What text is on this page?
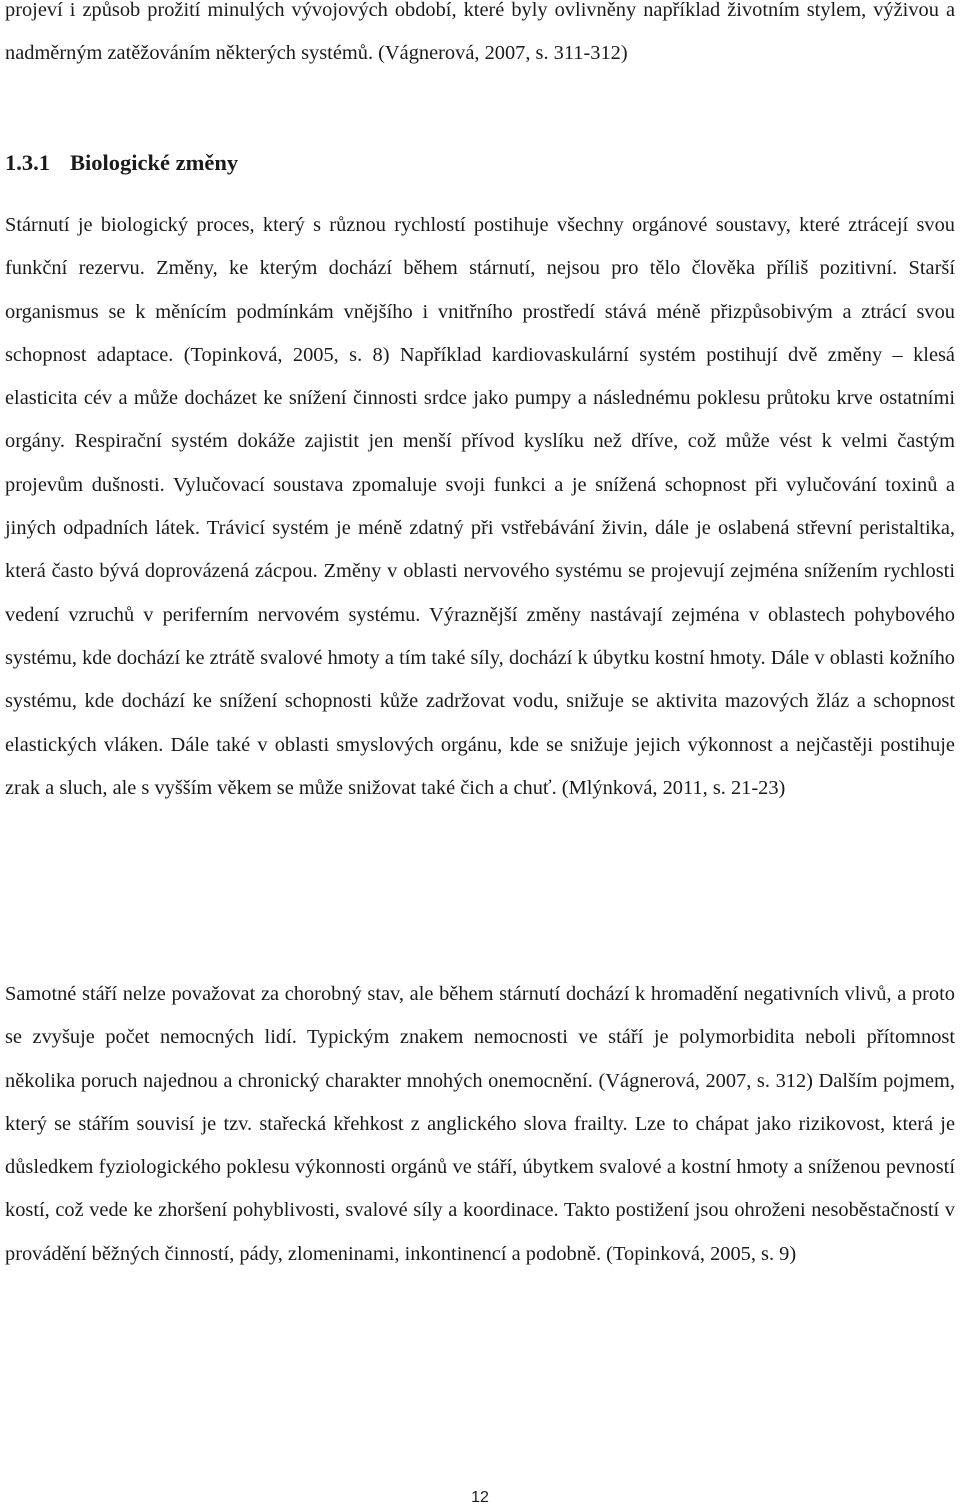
projeví i způsob prožití minulých vývojových období, které byly ovlivněny například životním stylem, výživou a nadměrným zatěžováním některých systémů. (Vágnerová, 2007, s. 311-312)

1.3.1 Biologické změny

Stárnutí je biologický proces, který s různou rychlostí postihuje všechny orgánové soustavy, které ztrácejí svou funkční rezervu. Změny, ke kterým dochází během stárnutí, nejsou pro tělo člověka příliš pozitivní. Starší organismus se k měnícím podmínkám vnějšího i vnitřního prostředí stává méně přizpůsobivým a ztrácí svou schopnost adaptace. (Topinková, 2005, s. 8) Například kardiovaskulární systém postihují dvě změny – klesá elasticita cév a může docházet ke snížení činnosti srdce jako pumpy a následnému poklesu průtoku krve ostatními orgány. Respirační systém dokáže zajistit jen menší přívod kyslíku než dříve, což může vést k velmi častým projevům dušnosti. Vylučovací soustava zpomaluje svoji funkci a je snížená schopnost při vylučování toxinů a jiných odpadních látek. Trávicí systém je méně zdatný při vstřebávání živin, dále je oslabená střevní peristaltika, která často bývá doprovázená zácpou. Změny v oblasti nervového systému se projevují zejména snížením rychlosti vedení vzruchů v periferním nervovém systému. Výraznější změny nastávají zejména v oblastech pohybového systému, kde dochází ke ztrátě svalové hmoty a tím také síly, dochází k úbytku kostní hmoty. Dále v oblasti kožního systému, kde dochází ke snížení schopnosti kůže zadržovat vodu, snižuje se aktivita mazových žláz a schopnost elastických vláken. Dále také v oblasti smyslových orgánu, kde se snižuje jejich výkonnost a nejčastěji postihuje zrak a sluch, ale s vyšším věkem se může snižovat také čich a chuť. (Mlýnková, 2011, s. 21-23)

Samotné stáří nelze považovat za chorobný stav, ale během stárnutí dochází k hromadění negativních vlivů, a proto se zvyšuje počet nemocných lidí. Typickým znakem nemocnosti ve stáří je polymorbidita neboli přítomnost několika poruch najednou a chronický charakter mnohých onemocnění. (Vágnerová, 2007, s. 312) Dalším pojmem, který se stářím souvisí je tzv. stařecká křehkost z anglického slova frailty. Lze to chápat jako rizikovost, která je důsledkem fyziologického poklesu výkonnosti orgánů ve stáří, úbytkem svalové a kostní hmoty a sníženou pevností kostí, což vede ke zhoršení pohyblivosti, svalové síly a koordinace. Takto postižení jsou ohroženi nesoběstačností v provádění běžných činností, pády, zlomeninami, inkontinencí a podobně. (Topinková, 2005, s. 9)

12
